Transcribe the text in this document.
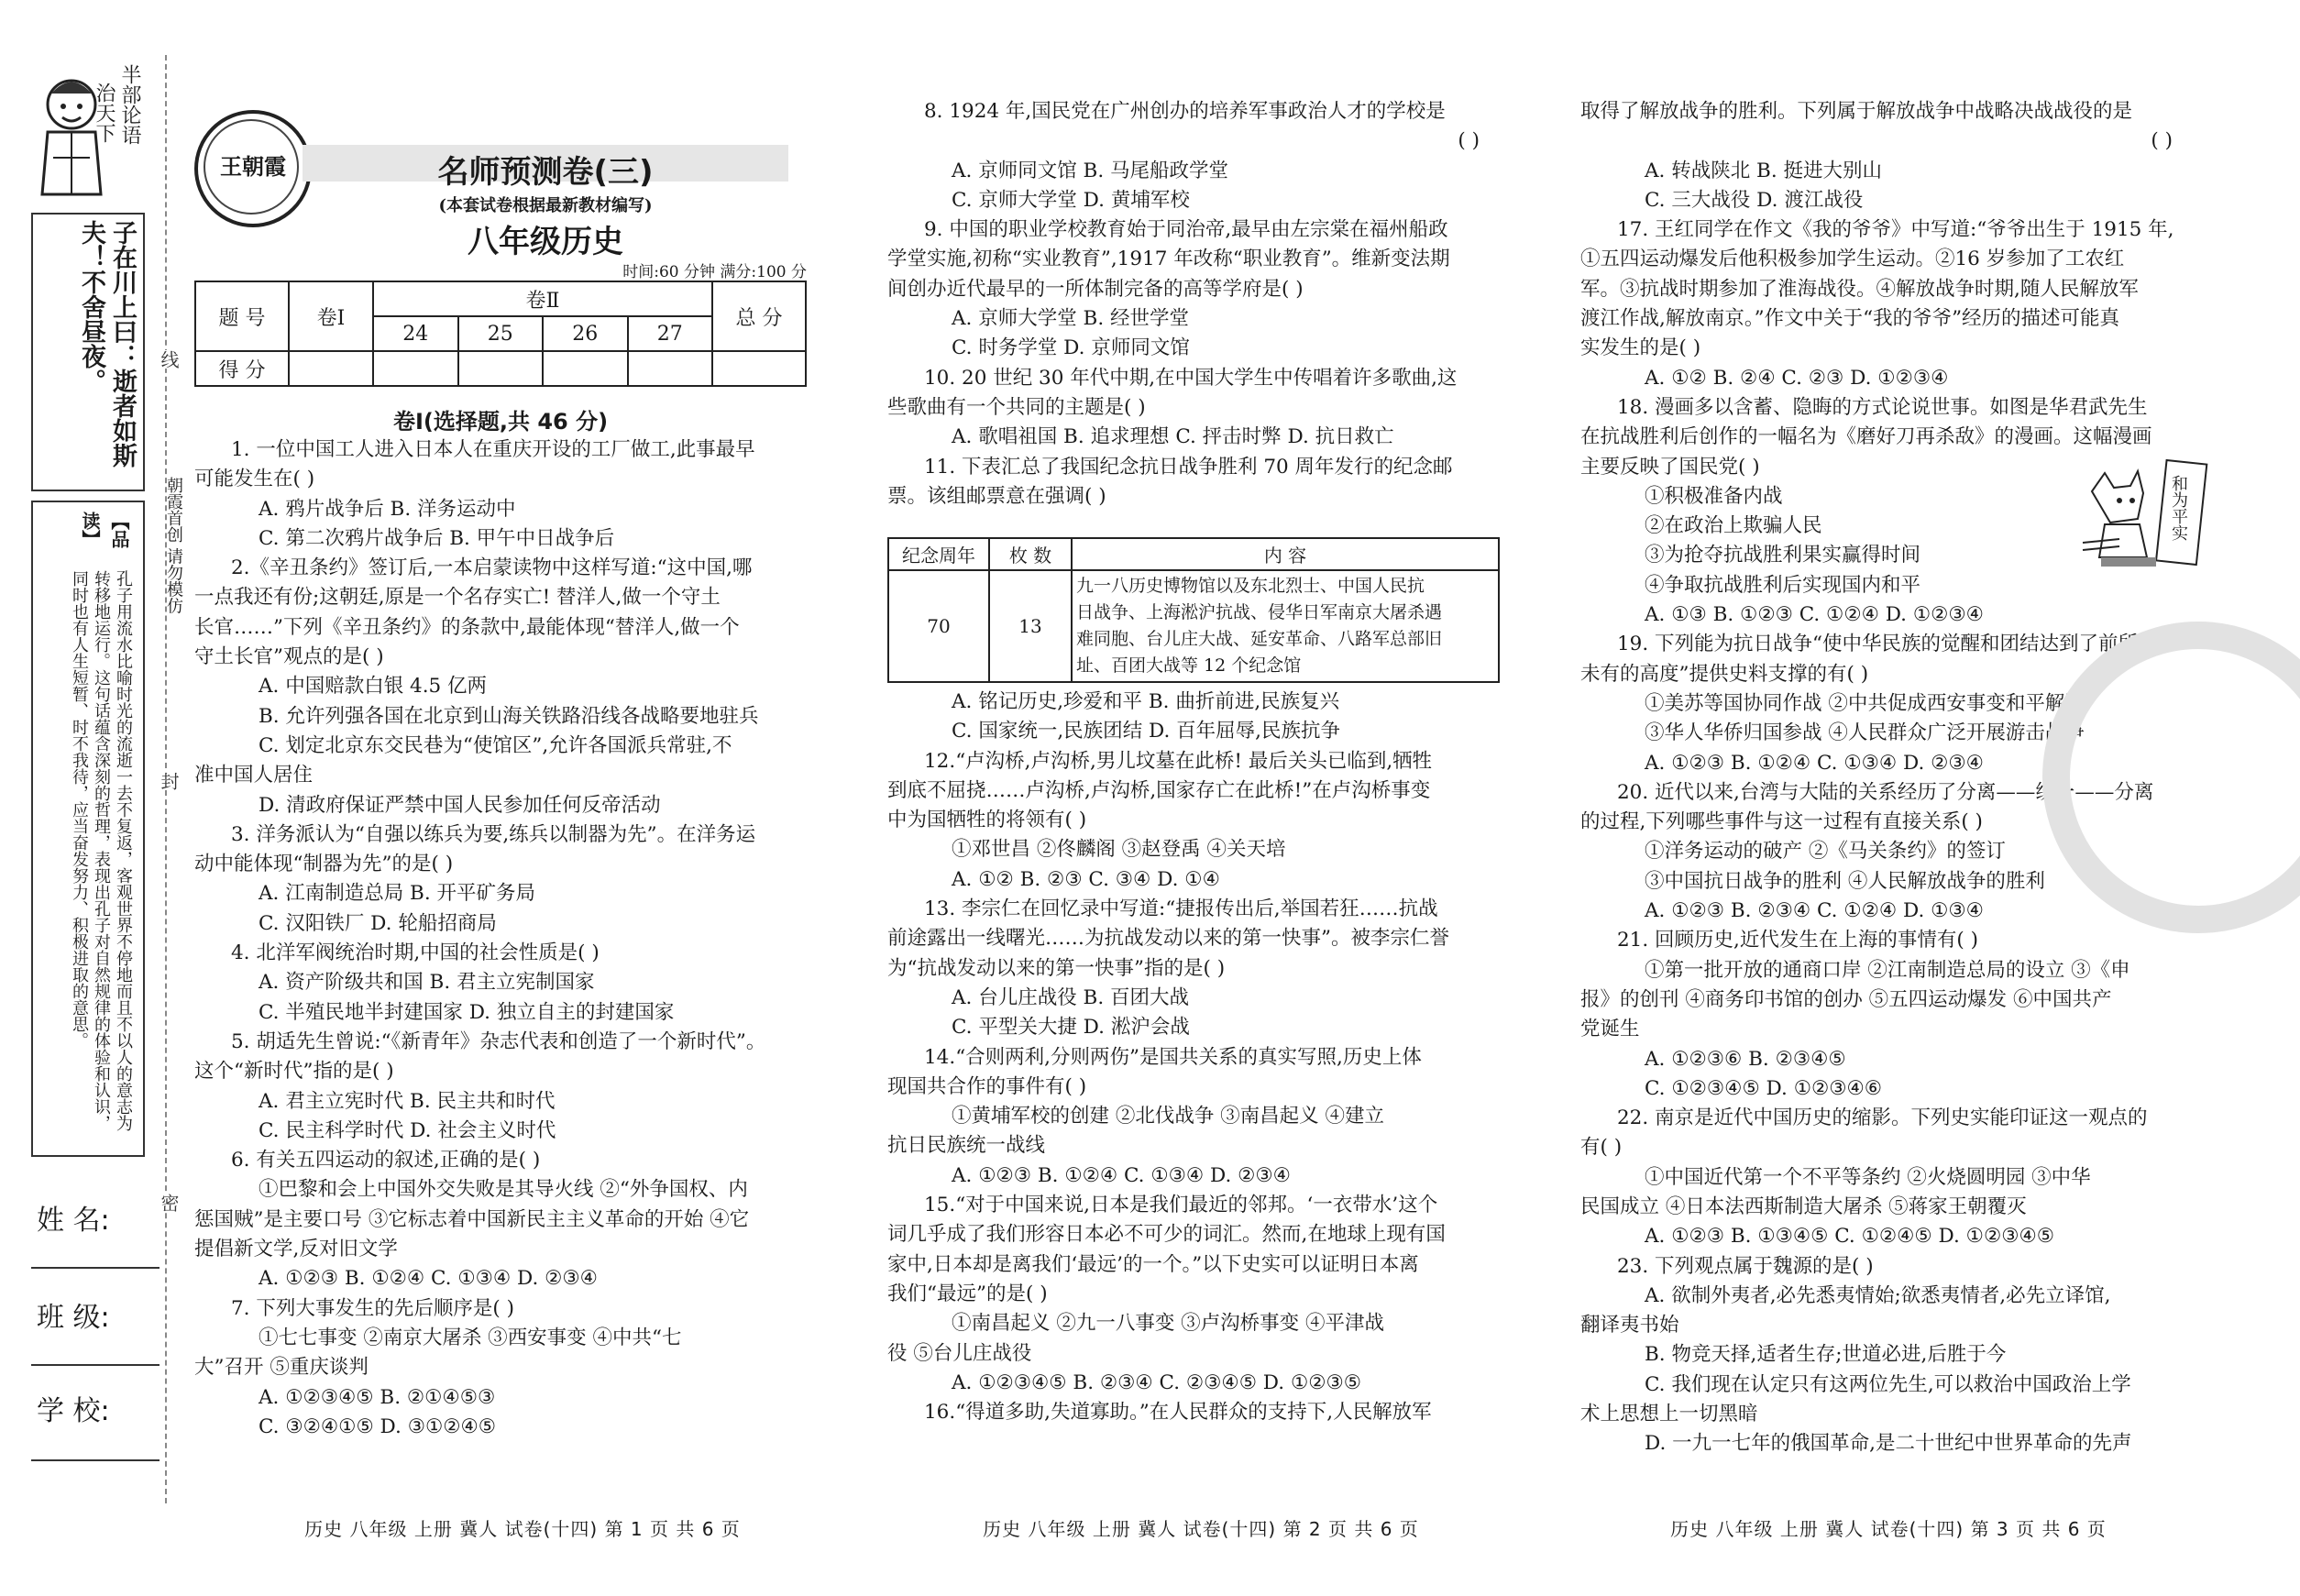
半部论语
治天下
子在川上曰：逝者如斯夫！不舍昼夜。
【品读】
孔子用流水比喻时光的流逝一去不复返，客观世界不停地而且不以人的意志为转移地运行。这句话蕴含深刻的哲理，表现出孔子对自然规律的体验和认识，同时也有人生短暂、时不我待，应当奋发努力、积极进取的意思。
朝霞首创 请勿模仿
姓 名:
班 级:
学 校:
线
封
密
王朝霞	名师预测卷(三)
(本套试卷根据最新教材编写)
八年级历史
时间:60 分钟 满分:100 分
题 号	卷Ⅰ	卷Ⅱ				总 分
		24	25	26	27	
得 分						
卷Ⅰ(选择题,共 46 分)

1. 一位中国工人进入日本人在重庆开设的工厂做工,此事最早

可能发生在( )

A. 鸦片战争后 B. 洋务运动中

C. 第二次鸦片战争后 B. 甲午中日战争后

2.《辛丑条约》签订后,一本启蒙读物中这样写道:“这中国,哪

一点我还有份;这朝廷,原是一个名存实亡! 替洋人,做一个守土

长官……”下列《辛丑条约》的条款中,最能体现“替洋人,做一个

守土长官”观点的是( )

A. 中国赔款白银 4.5 亿两

B. 允许列强各国在北京到山海关铁路沿线各战略要地驻兵

C. 划定北京东交民巷为“使馆区”,允许各国派兵常驻,不

准中国人居住

D. 清政府保证严禁中国人民参加任何反帝活动

3. 洋务派认为“自强以练兵为要,练兵以制器为先”。在洋务运

动中能体现“制器为先”的是( )

A. 江南制造总局 B. 开平矿务局

C. 汉阳铁厂 D. 轮船招商局

4. 北洋军阀统治时期,中国的社会性质是( )

A. 资产阶级共和国 B. 君主立宪制国家

C. 半殖民地半封建国家 D. 独立自主的封建国家

5. 胡适先生曾说:“《新青年》杂志代表和创造了一个新时代”。

这个“新时代”指的是( )

A. 君主立宪时代 B. 民主共和时代

C. 民主科学时代 D. 社会主义时代

6. 有关五四运动的叙述,正确的是( )

①巴黎和会上中国外交失败是其导火线 ②“外争国权、内

惩国贼”是主要口号 ③它标志着中国新民主主义革命的开始 ④它

提倡新文学,反对旧文学

A. ①②③ B. ①②④ C. ①③④ D. ②③④

7. 下列大事发生的先后顺序是( )

①七七事变 ②南京大屠杀 ③西安事变 ④中共“七

大”召开 ⑤重庆谈判

A. ①②③④⑤ B. ②①④⑤③

C. ③②④①⑤ D. ③①②④⑤

8. 1924 年,国民党在广州创办的培养军事政治人才的学校是

( )

A. 京师同文馆 B. 马尾船政学堂

C. 京师大学堂 D. 黄埔军校

9. 中国的职业学校教育始于同治帝,最早由左宗棠在福州船政

学堂实施,初称“实业教育”,1917 年改称“职业教育”。维新变法期

间创办近代最早的一所体制完备的高等学府是( )

A. 京师大学堂 B. 经世学堂

C. 时务学堂 D. 京师同文馆

10. 20 世纪 30 年代中期,在中国大学生中传唱着许多歌曲,这

些歌曲有一个共同的主题是( )

A. 歌唱祖国 B. 追求理想 C. 抨击时弊 D. 抗日救亡

11. 下表汇总了我国纪念抗日战争胜利 70 周年发行的纪念邮

票。该组邮票意在强调( )

纪念周年	枚 数	内 容
70	13	九一八历史博物馆以及东北烈士、中国人民抗
日战争、上海淞沪抗战、侵华日军南京大屠杀遇
难同胞、台儿庄大战、延安革命、八路军总部旧
址、百团大战等 12 个纪念馆

A. 铭记历史,珍爱和平 B. 曲折前进,民族复兴

C. 国家统一,民族团结 D. 百年屈辱,民族抗争

12.“卢沟桥,卢沟桥,男儿坟墓在此桥! 最后关头已临到,牺牲

到底不屈挠……卢沟桥,卢沟桥,国家存亡在此桥!”在卢沟桥事变

中为国牺牲的将领有( )

①邓世昌 ②佟麟阁 ③赵登禹 ④关天培

A. ①② B. ②③ C. ③④ D. ①④

13. 李宗仁在回忆录中写道:“捷报传出后,举国若狂……抗战

前途露出一线曙光……为抗战发动以来的第一快事”。被李宗仁誉

为“抗战发动以来的第一快事”指的是( )

A. 台儿庄战役 B. 百团大战

C. 平型关大捷 D. 淞沪会战

14.“合则两利,分则两伤”是国共关系的真实写照,历史上体

现国共合作的事件有( )

①黄埔军校的创建 ②北伐战争 ③南昌起义 ④建立

抗日民族统一战线

A. ①②③ B. ①②④ C. ①③④ D. ②③④

15.“对于中国来说,日本是我们最近的邻邦。‘一衣带水’这个

词几乎成了我们形容日本必不可少的词汇。然而,在地球上现有国

家中,日本却是离我们‘最远’的一个。”以下史实可以证明日本离

我们“最远”的是( )

①南昌起义 ②九一八事变 ③卢沟桥事变 ④平津战

役 ⑤台儿庄战役

A. ①②③④⑤ B. ②③④ C. ②③④⑤ D. ①②③⑤

16.“得道多助,失道寡助。”在人民群众的支持下,人民解放军

取得了解放战争的胜利。下列属于解放战争中战略决战战役的是

( )

A. 转战陕北 B. 挺进大别山

C. 三大战役 D. 渡江战役

17. 王红同学在作文《我的爷爷》中写道:“爷爷出生于 1915 年,

①五四运动爆发后他积极参加学生运动。②16 岁参加了工农红

军。③抗战时期参加了淮海战役。④解放战争时期,随人民解放军

渡江作战,解放南京。”作文中关于“我的爷爷”经历的描述可能真

实发生的是( )

A. ①② B. ②④ C. ②③ D. ①②③④

18. 漫画多以含蓄、隐晦的方式论说世事。如图是华君武先生

在抗战胜利后创作的一幅名为《磨好刀再杀敌》的漫画。这幅漫画

主要反映了国民党( )

①积极准备内战

②在政治上欺骗人民

③为抢夺抗战胜利果实赢得时间

④争取抗战胜利后实现国内和平

A. ①③ B. ①②③ C. ①②④ D. ①②③④

19. 下列能为抗日战争“使中华民族的觉醒和团结达到了前所

未有的高度”提供史料支撑的有( )

①美苏等国协同作战 ②中共促成西安事变和平解决

③华人华侨归国参战 ④人民群众广泛开展游击战争

A. ①②③ B. ①②④ C. ①③④ D. ②③④

20. 近代以来,台湾与大陆的关系经历了分离——统一——分离

的过程,下列哪些事件与这一过程有直接关系( )

①洋务运动的破产 ②《马关条约》的签订

③中国抗日战争的胜利 ④人民解放战争的胜利

A. ①②③ B. ②③④ C. ①②④ D. ①③④

21. 回顾历史,近代发生在上海的事情有( )

①第一批开放的通商口岸 ②江南制造总局的设立 ③《申

报》的创刊 ④商务印书馆的创办 ⑤五四运动爆发 ⑥中国共产

党诞生

A. ①②③⑥ B. ②③④⑤

C. ①②③④⑤ D. ①②③④⑥

22. 南京是近代中国历史的缩影。下列史实能印证这一观点的

有( )

①中国近代第一个不平等条约 ②火烧圆明园 ③中华

民国成立 ④日本法西斯制造大屠杀 ⑤蒋家王朝覆灭

A. ①②③ B. ①③④⑤ C. ①②④⑤ D. ①②③④⑤

23. 下列观点属于魏源的是( )

A. 欲制外夷者,必先悉夷情始;欲悉夷情者,必先立译馆,

翻译夷书始

B. 物竞天择,适者生存;世道必进,后胜于今

C. 我们现在认定只有这两位先生,可以救治中国政治上学

术上思想上一切黑暗

D. 一九一七年的俄国革命,是二十世纪中世界革命的先声

和为平实
历史 八年级 上册 冀人 试卷(十四) 第 1 页 共 6 页	历史 八年级 上册 冀人 试卷(十四) 第 2 页 共 6 页	历史 八年级 上册 冀人 试卷(十四) 第 3 页 共 6 页
